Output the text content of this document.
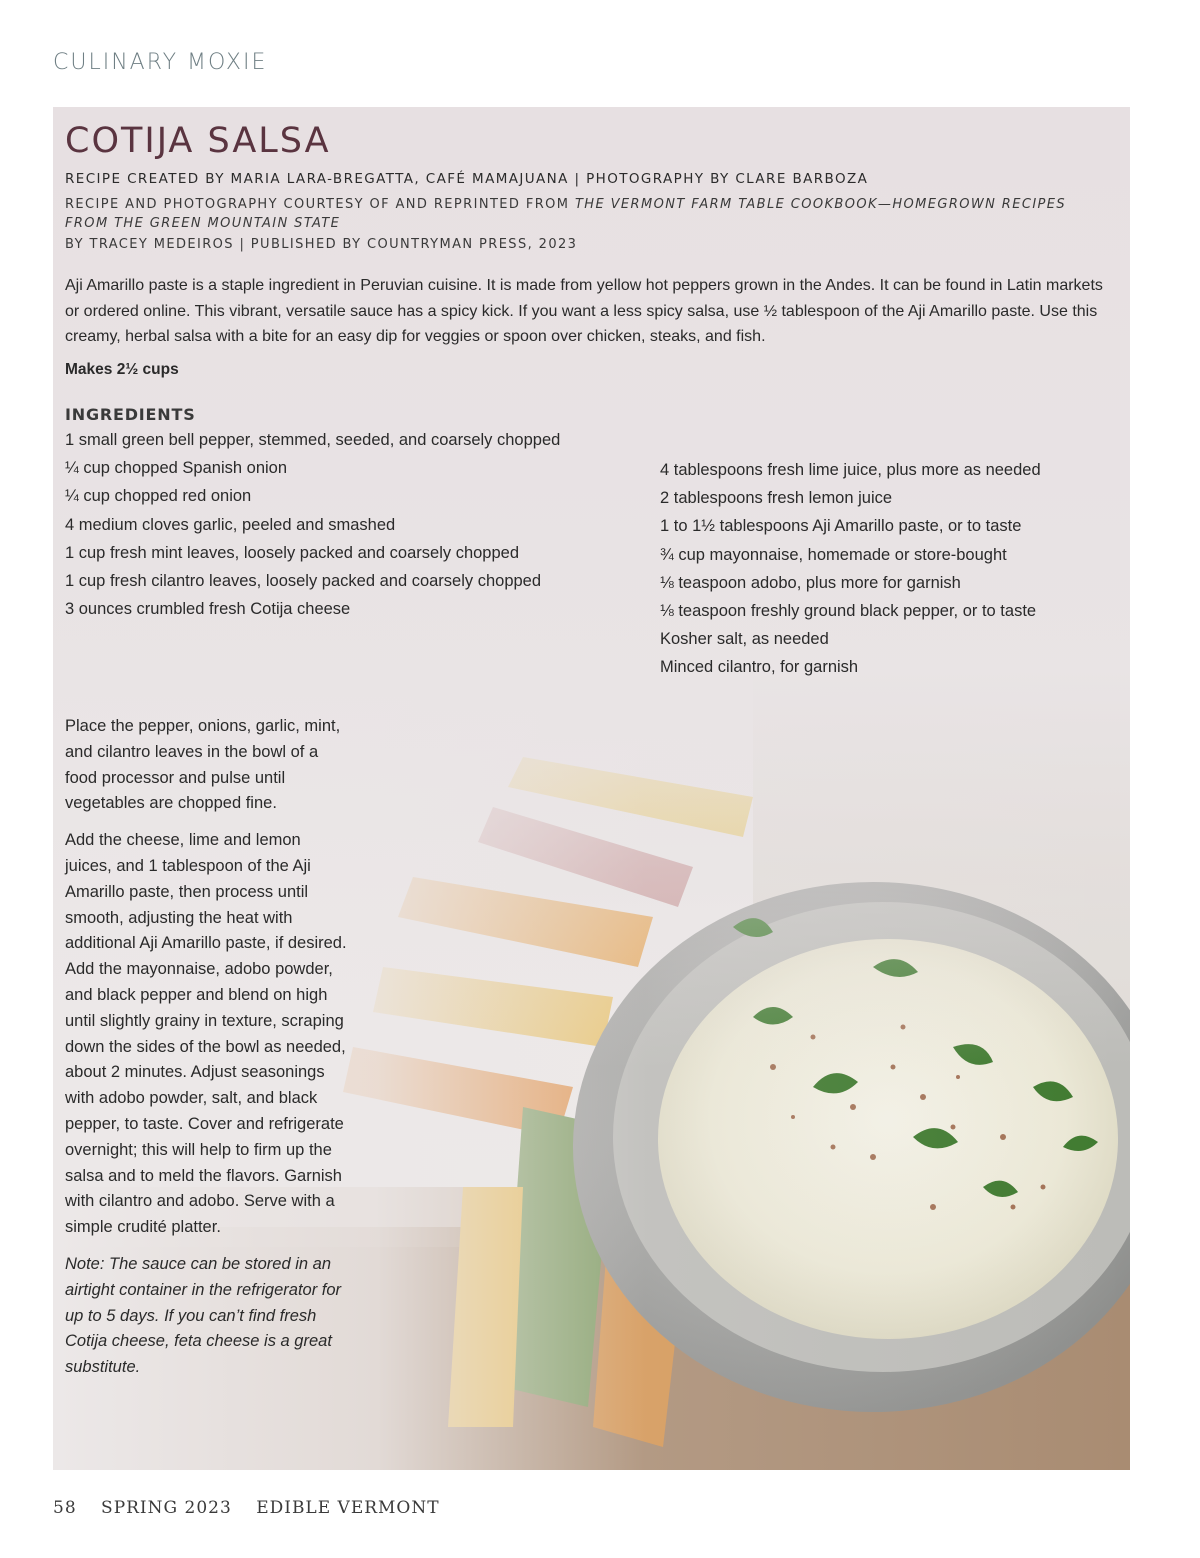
CULINARY MOXIE
COTIJA SALSA
RECIPE CREATED BY MARIA LARA-BREGATTA, CAFÉ MAMAJUANA | PHOTOGRAPHY BY CLARE BARBOZA
RECIPE AND PHOTOGRAPHY COURTESY OF AND REPRINTED FROM THE VERMONT FARM TABLE COOKBOOK—HOMEGROWN RECIPES FROM THE GREEN MOUNTAIN STATE
BY TRACEY MEDEIROS | PUBLISHED BY COUNTRYMAN PRESS, 2023

Aji Amarillo paste is a staple ingredient in Peruvian cuisine. It is made from yellow hot peppers grown in the Andes. It can be found in Latin markets or ordered online. This vibrant, versatile sauce has a spicy kick. If you want a less spicy salsa, use ½ tablespoon of the Aji Amarillo paste. Use this creamy, herbal salsa with a bite for an easy dip for veggies or spoon over chicken, steaks, and fish.

Makes 2½ cups

INGREDIENTS
1 small green bell pepper, stemmed, seeded, and coarsely chopped
¼ cup chopped Spanish onion
¼ cup chopped red onion
4 medium cloves garlic, peeled and smashed
1 cup fresh mint leaves, loosely packed and coarsely chopped
1 cup fresh cilantro leaves, loosely packed and coarsely chopped
3 ounces crumbled fresh Cotija cheese
4 tablespoons fresh lime juice, plus more as needed
2 tablespoons fresh lemon juice
1 to 1½ tablespoons Aji Amarillo paste, or to taste
¾ cup mayonnaise, homemade or store-bought
⅛ teaspoon adobo, plus more for garnish
⅛ teaspoon freshly ground black pepper, or to taste
Kosher salt, as needed
Minced cilantro, for garnish

Place the pepper, onions, garlic, mint, and cilantro leaves in the bowl of a food processor and pulse until vegetables are chopped fine.

Add the cheese, lime and lemon juices, and 1 tablespoon of the Aji Amarillo paste, then process until smooth, adjusting the heat with additional Aji Amarillo paste, if desired. Add the mayonnaise, adobo powder, and black pepper and blend on high until slightly grainy in texture, scraping down the sides of the bowl as needed, about 2 minutes. Adjust seasonings with adobo powder, salt, and black pepper, to taste. Cover and refrigerate overnight; this will help to firm up the salsa and to meld the flavors. Garnish with cilantro and adobo. Serve with a simple crudité platter.

Note: The sauce can be stored in an airtight container in the refrigerator for up to 5 days. If you can’t find fresh Cotija cheese, feta cheese is a great substitute.

58 SPRING 2023 EDIBLE VERMONT
